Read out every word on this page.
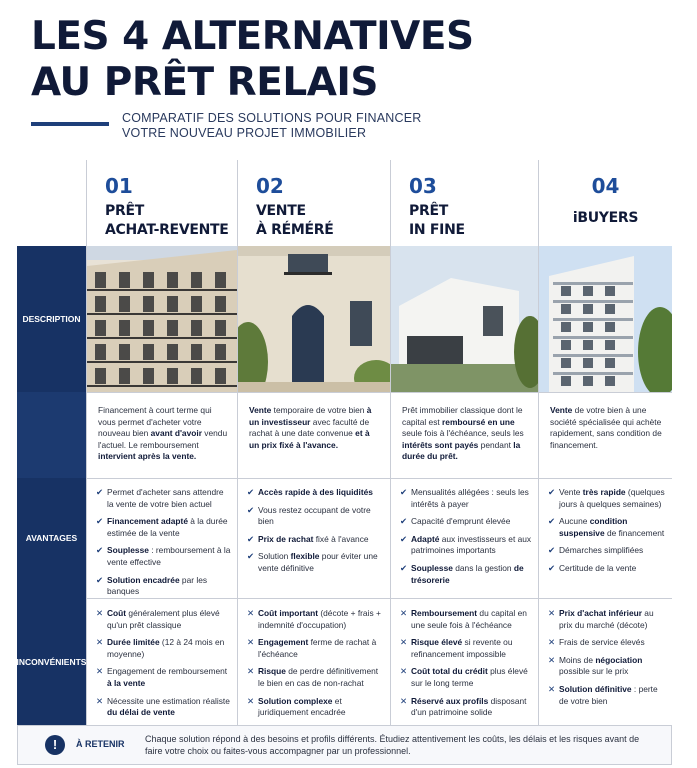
LES 4 ALTERNATIVES
AU PRÊT RELAIS
COMPARATIF DES SOLUTIONS POUR FINANCER
VOTRE NOUVEAU PROJET IMMOBILIER
DESCRIPTION
AVANTAGES
INCONVÉNIENTS
01
PRÊT
ACHAT-REVENTE
Financement à court terme qui vous permet d'acheter votre nouveau bien avant d'avoir vendu l'actuel. Le remboursement intervient après la vente.
✔ Permet d'acheter sans attendre la vente de votre bien actuel
✔ Financement adapté à la durée estimée de la vente
✔ Souplesse : remboursement à la vente effective
✔ Solution encadrée par les banques
✕ Coût généralement plus élevé qu'un prêt classique
✕ Durée limitée (12 à 24 mois en moyenne)
✕ Engagement de remboursement à la vente
✕ Nécessite une estimation réaliste du délai de vente
02
VENTE
À RÉMÉRÉ
Vente temporaire de votre bien à un investisseur avec faculté de rachat à une date convenue et à un prix fixé à l'avance.
✔ Accès rapide à des liquidités
✔ Vous restez occupant de votre bien
✔ Prix de rachat fixé à l'avance
✔ Solution flexible pour éviter une vente définitive
✕ Coût important (décote + frais + indemnité d'occupation)
✕ Engagement ferme de rachat à l'échéance
✕ Risque de perdre définitivement le bien en cas de non-rachat
✕ Solution complexe et juridiquement encadrée
03
PRÊT
IN FINE
Prêt immobilier classique dont le capital est remboursé en une seule fois à l'échéance, seuls les intérêts sont payés pendant la durée du prêt.
✔ Mensualités allégées : seuls les intérêts à payer
✔ Capacité d'emprunt élevée
✔ Adapté aux investisseurs et aux patrimoines importants
✔ Souplesse dans la gestion de trésorerie
✕ Remboursement du capital en une seule fois à l'échéance
✕ Risque élevé si revente ou refinancement impossible
✕ Coût total du crédit plus élevé sur le long terme
✕ Réservé aux profils disposant d'un patrimoine solide
04
iBUYERS
Vente de votre bien à une société spécialisée qui achète rapidement, sans condition de financement.
✔ Vente très rapide (quelques jours à quelques semaines)
✔ Aucune condition suspensive de financement
✔ Démarches simplifiées
✔ Certitude de la vente
✕ Prix d'achat inférieur au prix du marché (décote)
✕ Frais de service élevés
✕ Moins de négociation possible sur le prix
✕ Solution définitive : perte de votre bien
!	À RETENIR Chaque solution répond à des besoins et profils différents. Étudiez attentivement les coûts, les délais et les risques avant de faire votre choix ou faites-vous accompagner par un professionnel.
